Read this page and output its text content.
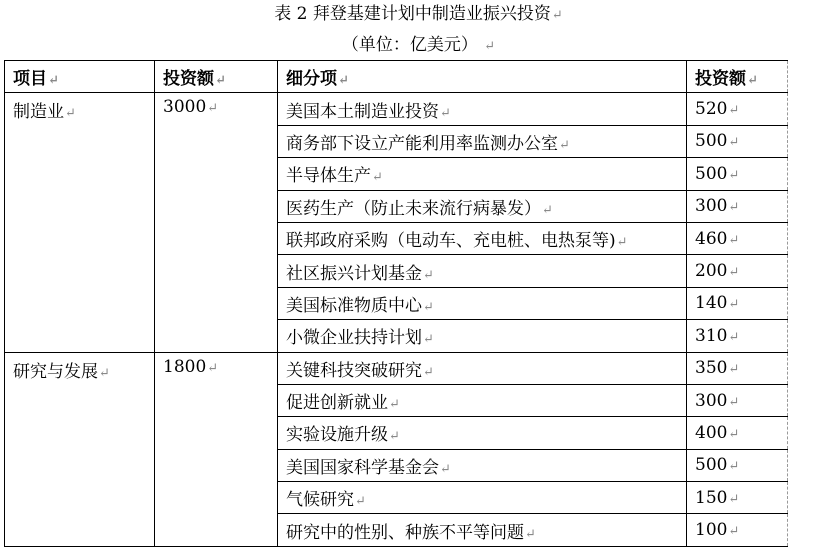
表 2 拜登基建计划中制造业振兴投资↵
（单位：亿美元） ↵
项目↵	投资额↵	细分项↵	投资额↵
制造业↵	3000↵	美国本土制造业投资↵	520↵
		商务部下设立产能利用率监测办公室↵	500↵
		半导体生产↵	500↵
		医药生产（防止未来流行病暴发）↵	300↵
		联邦政府采购（电动车、充电桩、电热泵等)↵	460↵
		社区振兴计划基金↵	200↵
		美国标准物质中心↵	140↵
		小微企业扶持计划↵	310↵
研究与发展↵	1800↵	关键科技突破研究↵	350↵
		促进创新就业↵	300↵
		实验设施升级↵	400↵
		美国国家科学基金会↵	500↵
		气候研究↵	150↵
		研究中的性别、种族不平等问题↵	100↵
